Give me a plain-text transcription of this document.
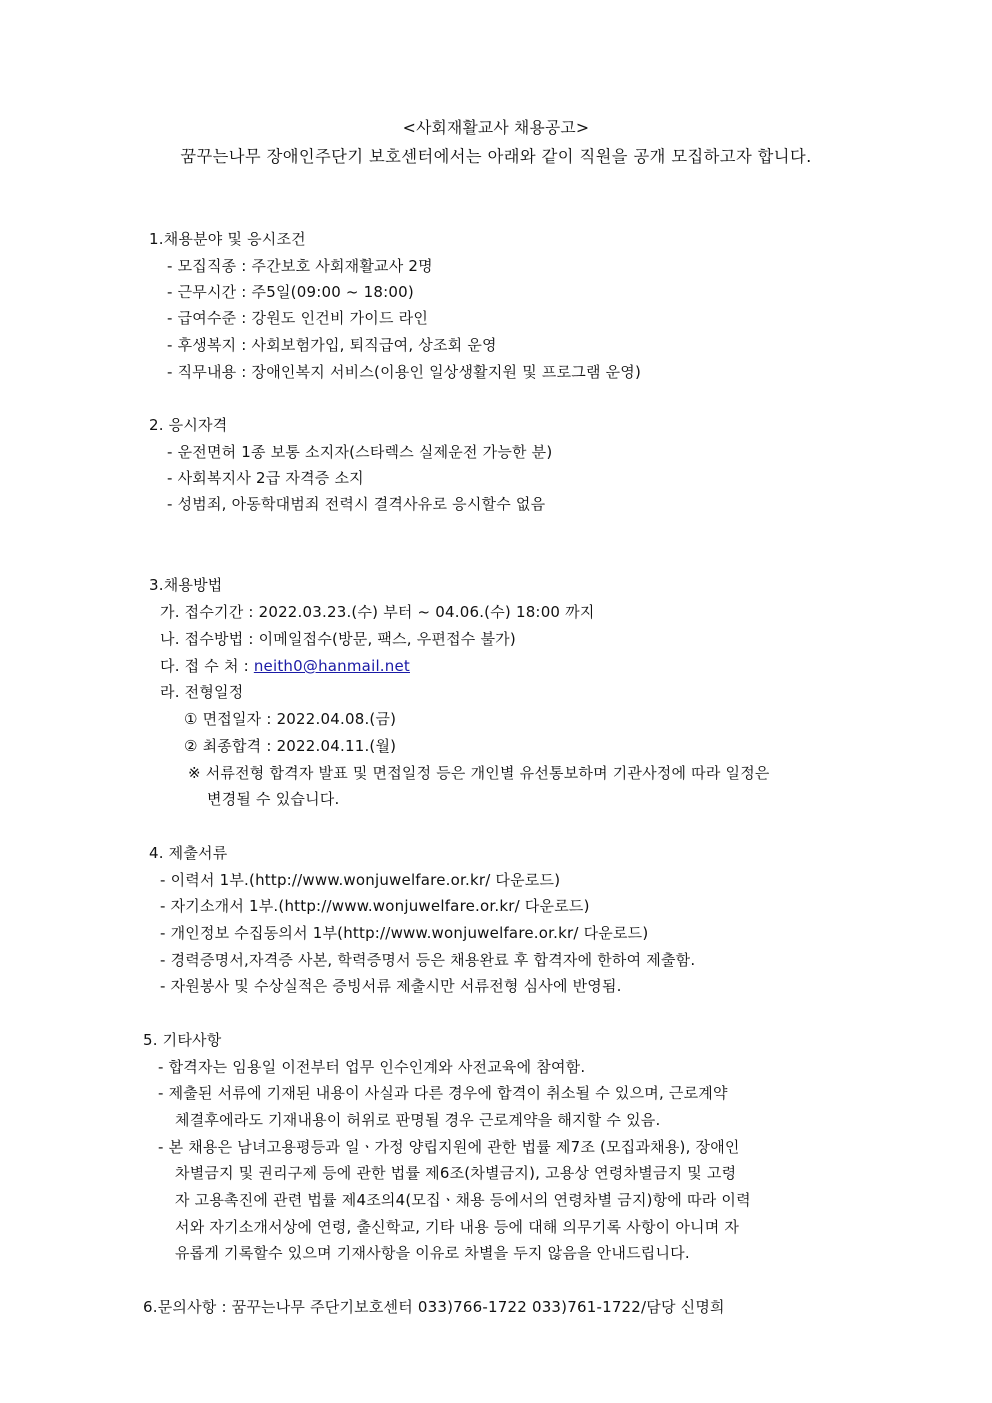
<사회재활교사 채용공고>
꿈꾸는나무 장애인주단기 보호센터에서는 아래와 같이 직원을 공개 모집하고자 합니다.
1.채용분야 및 응시조건
- 모집직종 : 주간보호 사회재활교사 2명
- 근무시간 : 주5일(09:00 ~ 18:00)
- 급여수준 : 강원도 인건비 가이드 라인
- 후생복지 : 사회보험가입, 퇴직급여, 상조회 운영
- 직무내용 : 장애인복지 서비스(이용인 일상생활지원 및 프로그램 운영)
2. 응시자격
- 운전면허 1종 보통 소지자(스타렉스 실제운전 가능한 분)
- 사회복지사 2급 자격증 소지
- 성범죄, 아동학대범죄 전력시 결격사유로 응시할수 없음
3.채용방법
가. 접수기간 : 2022.03.23.(수) 부터 ~ 04.06.(수) 18:00 까지
나. 접수방법 : 이메일접수(방문, 팩스, 우편접수 불가)
다. 접 수 처 : neith0@hanmail.net
라. 전형일정
① 면접일자 : 2022.04.08.(금)
② 최종합격 : 2022.04.11.(월)
※ 서류전형 합격자 발표 및 면접일정 등은 개인별 유선통보하며 기관사정에 따라 일정은
변경될 수 있습니다.
4. 제출서류
- 이력서 1부.(http://www.wonjuwelfare.or.kr/ 다운로드)
- 자기소개서 1부.(http://www.wonjuwelfare.or.kr/ 다운로드)
- 개인정보 수집동의서 1부(http://www.wonjuwelfare.or.kr/ 다운로드)
- 경력증명서,자격증 사본, 학력증명서 등은 채용완료 후 합격자에 한하여 제출함.
- 자원봉사 및 수상실적은 증빙서류 제출시만 서류전형 심사에 반영됨.
5. 기타사항
- 합격자는 임용일 이전부터 업무 인수인계와 사전교육에 참여함.
- 제출된 서류에 기재된 내용이 사실과 다른 경우에 합격이 취소될 수 있으며, 근로계약
체결후에라도 기재내용이 허위로 판명될 경우 근로계약을 해지할 수 있음.
- 본 채용은 남녀고용평등과 일ㆍ가정 양립지원에 관한 법률 제7조 (모집과채용), 장애인
차별금지 및 권리구제 등에 관한 법률 제6조(차별금지), 고용상 연령차별금지 및 고령
자 고용촉진에 관련 법률 제4조의4(모집ㆍ채용 등에서의 연령차별 금지)항에 따라 이력
서와 자기소개서상에 연령, 출신학교, 기타 내용 등에 대해 의무기록 사항이 아니며 자
유롭게 기록할수 있으며 기재사항을 이유로 차별을 두지 않음을 안내드립니다.
6.문의사항 : 꿈꾸는나무 주단기보호센터 033)766-1722 033)761-1722/담당 신명희
